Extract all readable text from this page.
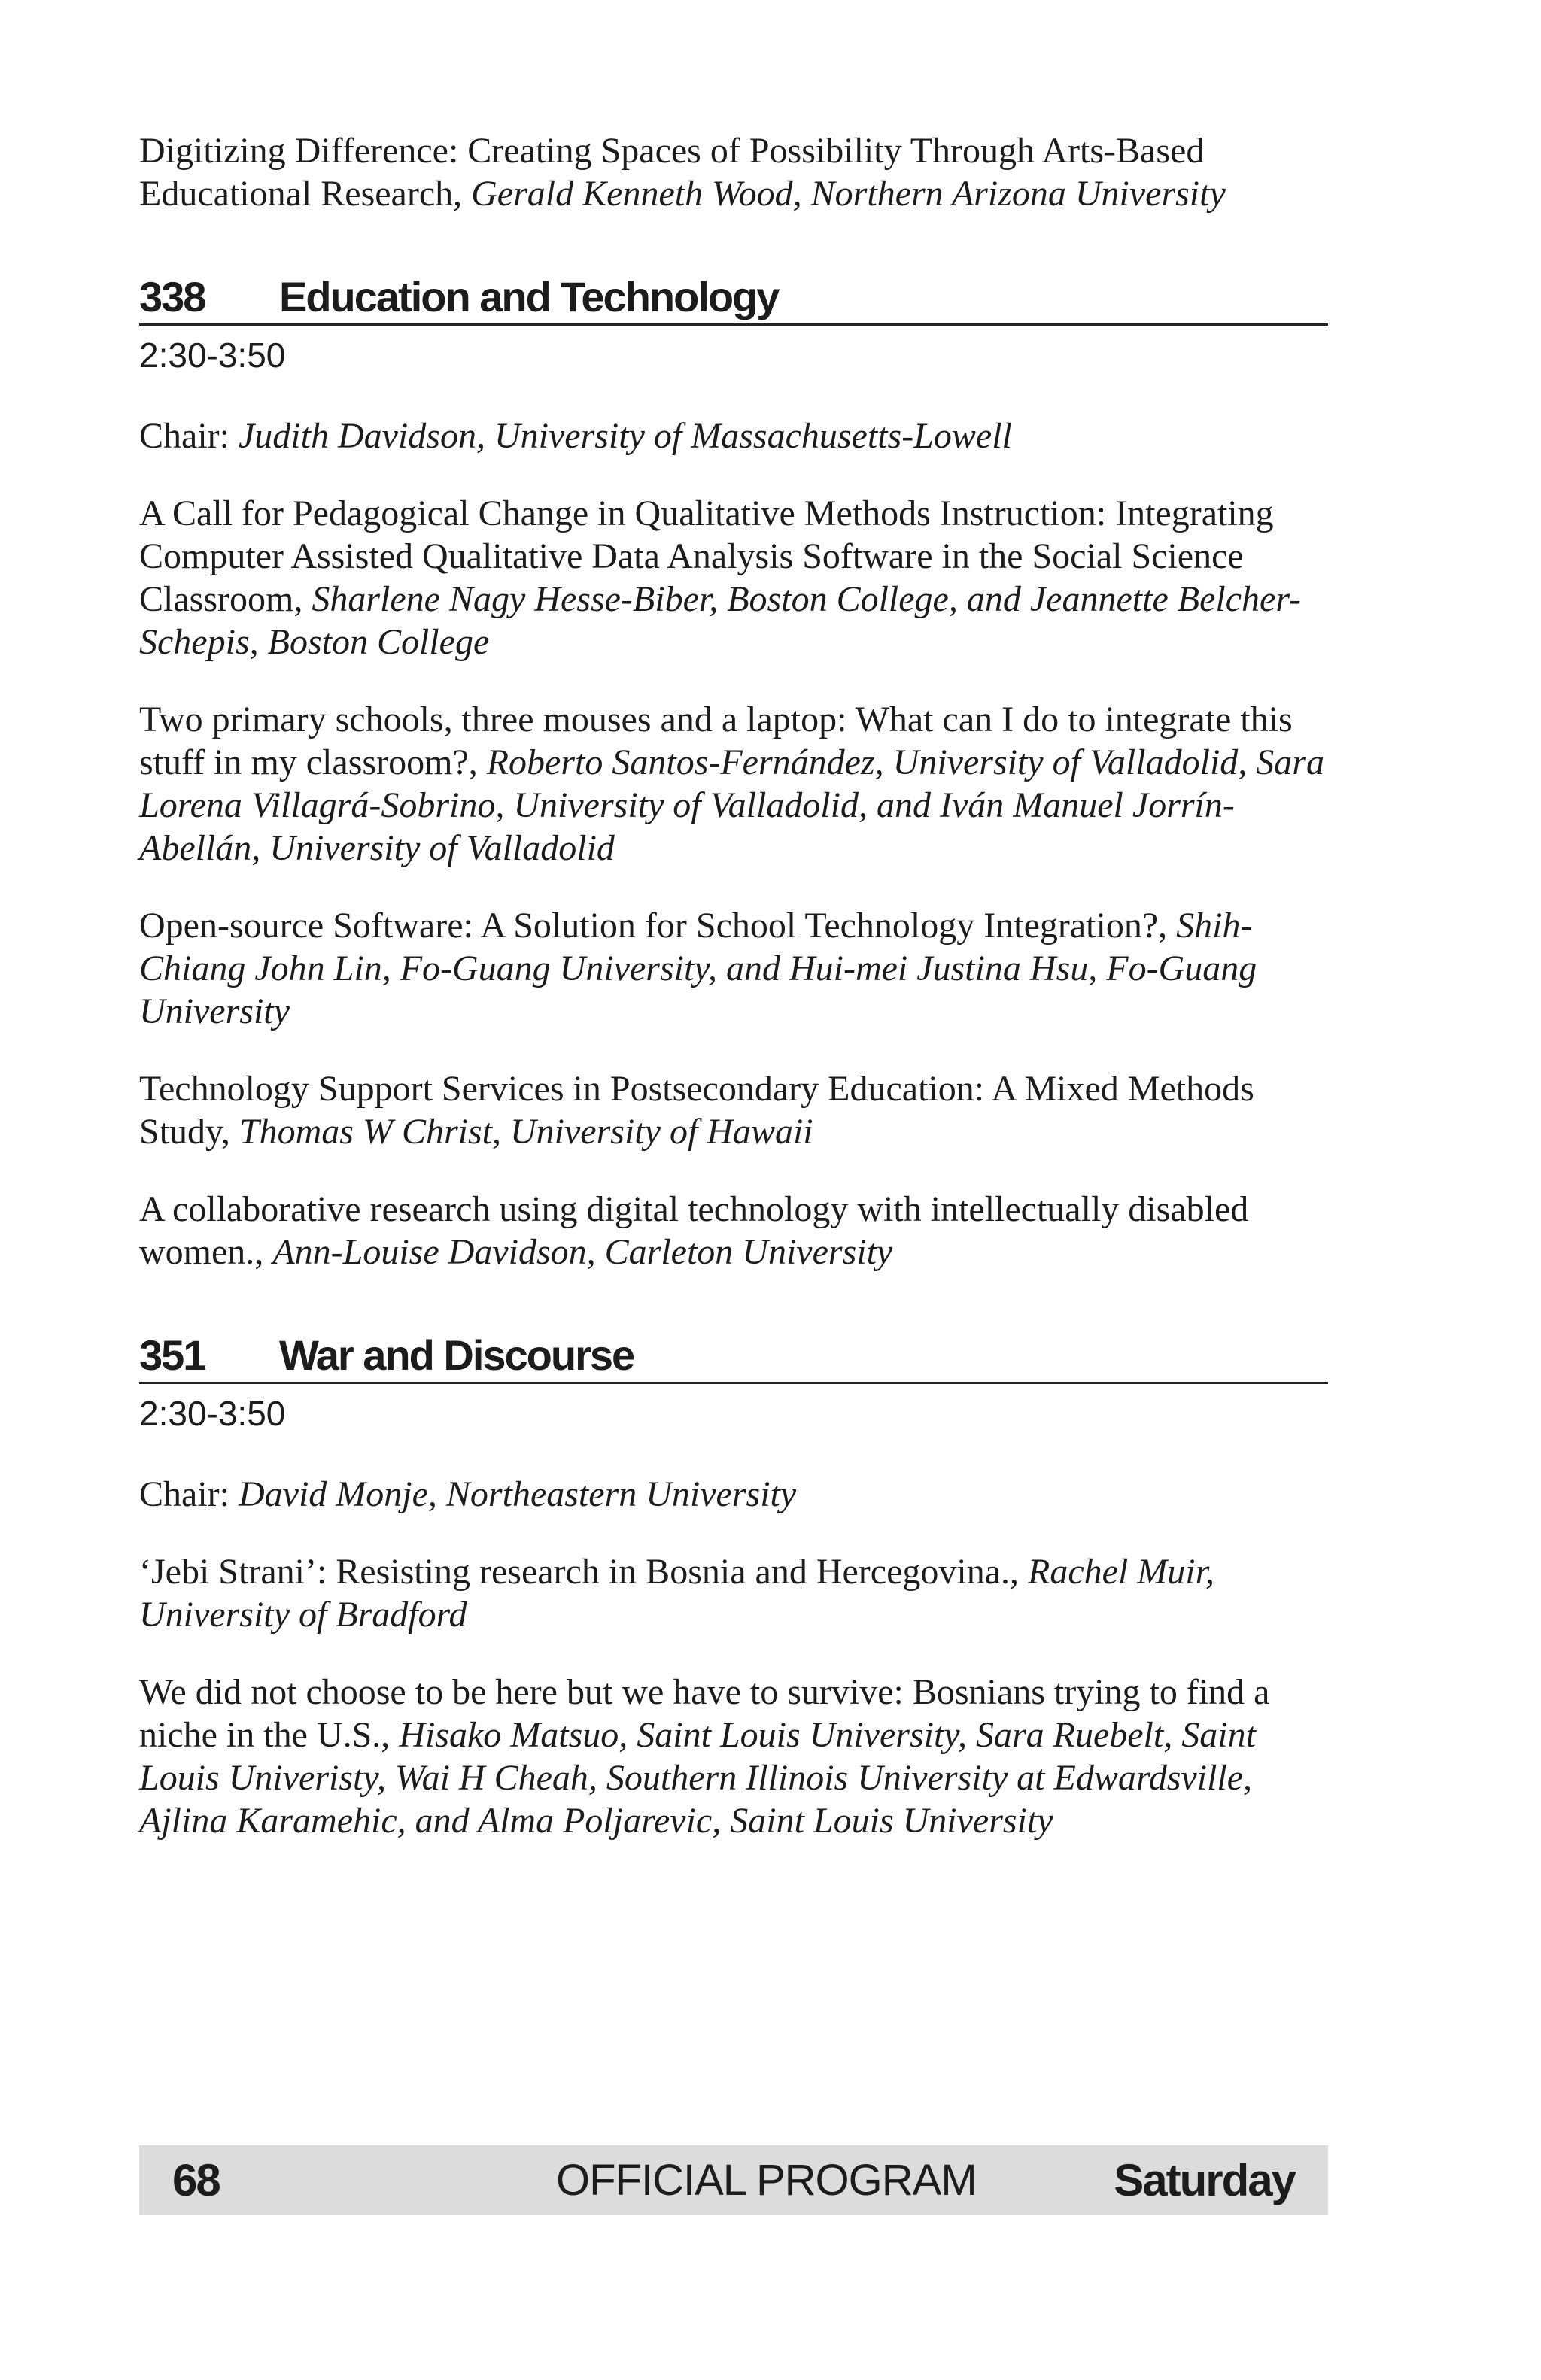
Digitizing Difference: Creating Spaces of Possibility Through Arts-Based Educational Research, Gerald Kenneth Wood, Northern Arizona University

338	Education and Technology
2:30-3:50

Chair: Judith Davidson, University of Massachusetts-Lowell

A Call for Pedagogical Change in Qualitative Methods Instruction: Integrating Computer Assisted Qualitative Data Analysis Software in the Social Science Classroom, Sharlene Nagy Hesse-Biber, Boston College, and Jeannette Belcher-Schepis, Boston College

Two primary schools, three mouses and a laptop: What can I do to integrate this stuff in my classroom?, Roberto Santos-Fernández, University of Valladolid, Sara Lorena Villagrá-Sobrino, University of Valladolid, and Iván Manuel Jorrín-Abellán, University of Valladolid

Open-source Software: A Solution for School Technology Integration?, Shih-Chiang John Lin, Fo-Guang University, and Hui-mei Justina Hsu, Fo-Guang University

Technology Support Services in Postsecondary Education: A Mixed Methods Study, Thomas W Christ, University of Hawaii

A collaborative research using digital technology with intellectually disabled women., Ann-Louise Davidson, Carleton University

351	War and Discourse
2:30-3:50

Chair: David Monje, Northeastern University

‘Jebi Strani’: Resisting research in Bosnia and Hercegovina., Rachel Muir, University of Bradford

We did not choose to be here but we have to survive: Bosnians trying to find a niche in the U.S., Hisako Matsuo, Saint Louis University, Sara Ruebelt, Saint Louis Univeristy, Wai H Cheah, Southern Illinois University at Edwardsville, Ajlina Karamehic, and Alma Poljarevic, Saint Louis University

68	OFFICIAL PROGRAM	Saturday
